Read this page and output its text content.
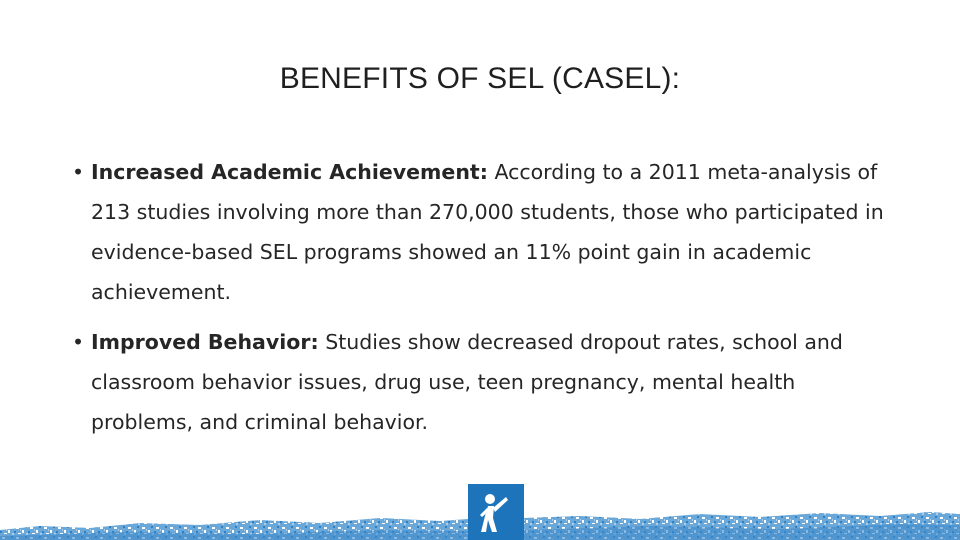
BENEFITS OF SEL (CASEL):
• Increased Academic Achievement: According to a 2011 meta-analysis of 213 studies involving more than 270,000 students, those who participated in evidence-based SEL programs showed an 11% point gain in academic achievement.
• Improved Behavior: Studies show decreased dropout rates, school and classroom behavior issues, drug use, teen pregnancy, mental health problems, and criminal behavior.
